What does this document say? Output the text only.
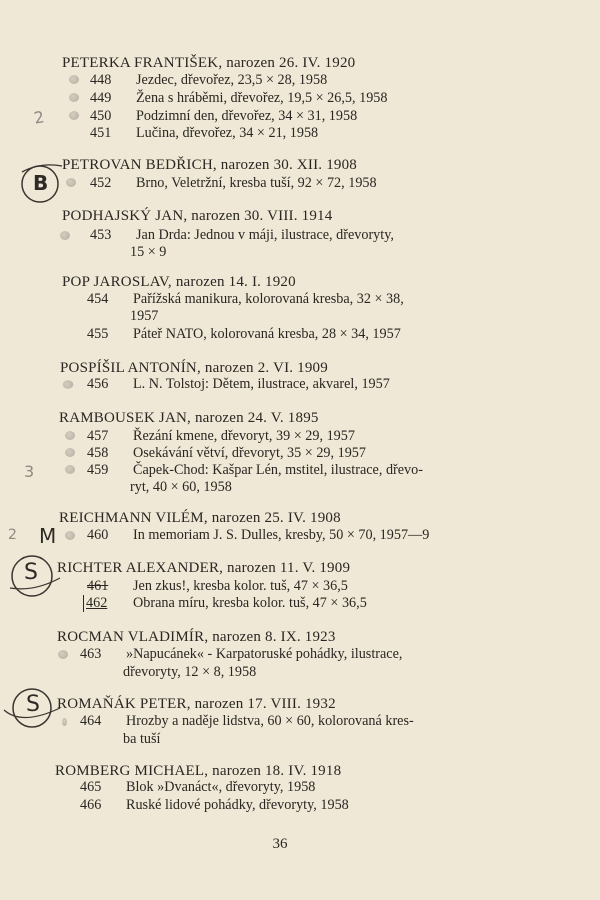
PETERKA FRANTIŠEK, narozen 26. IV. 1920
448	Jezdec, dřevořez, 23,5 × 28, 1958
449	Žena s hráběmi, dřevořez, 19,5 × 26,5, 1958
2	450	Podzimní den, dřevořez, 34 × 31, 1958
451	Lučina, dřevořez, 34 × 21, 1958
B
PETROVAN BEDŘICH, narozen 30. XII. 1908
452	Brno, Veletržní, kresba tuší, 92 × 72, 1958
PODHAJSKÝ JAN, narozen 30. VIII. 1914
453	Jan Drda: Jednou v máji, ilustrace, dřevoryty,
15 × 9
POP JAROSLAV, narozen 14. I. 1920
454	Pařížská manikura, kolorovaná kresba, 32 × 38,
1957
455	Páteř NATO, kolorovaná kresba, 28 × 34, 1957
POSPÍŠIL ANTONÍN, narozen 2. VI. 1909
456	L. N. Tolstoj: Dětem, ilustrace, akvarel, 1957
RAMBOUSEK JAN, narozen 24. V. 1895
457	Řezání kmene, dřevoryt, 39 × 29, 1957
458	Osekávání větví, dřevoryt, 35 × 29, 1957
3	459	Čapek-Chod: Kašpar Lén, mstitel, ilustrace, dřevo-
ryt, 40 × 60, 1958
REICHMANN VILÉM, narozen 25. IV. 1908
2 M 460	In memoriam J. S. Dulles, kresby, 50 × 70, 1957—9
S RICHTER ALEXANDER, narozen 11. V. 1909
461	Jen zkus!, kresba kolor. tuš, 47 × 36,5
462	Obrana míru, kresba kolor. tuš, 47 × 36,5
ROCMAN VLADIMÍR, narozen 8. IX. 1923
463	»Napucánek« - Karpatoruské pohádky, ilustrace,
dřevoryty, 12 × 8, 1958
S ROMAŇÁK PETER, narozen 17. VIII. 1932
464	Hrozby a naděje lidstva, 60 × 60, kolorovaná kres-
ba tuší
ROMBERG MICHAEL, narozen 18. IV. 1918
465	Blok »Dvanáct«, dřevoryty, 1958
466	Ruské lidové pohádky, dřevoryty, 1958
36
